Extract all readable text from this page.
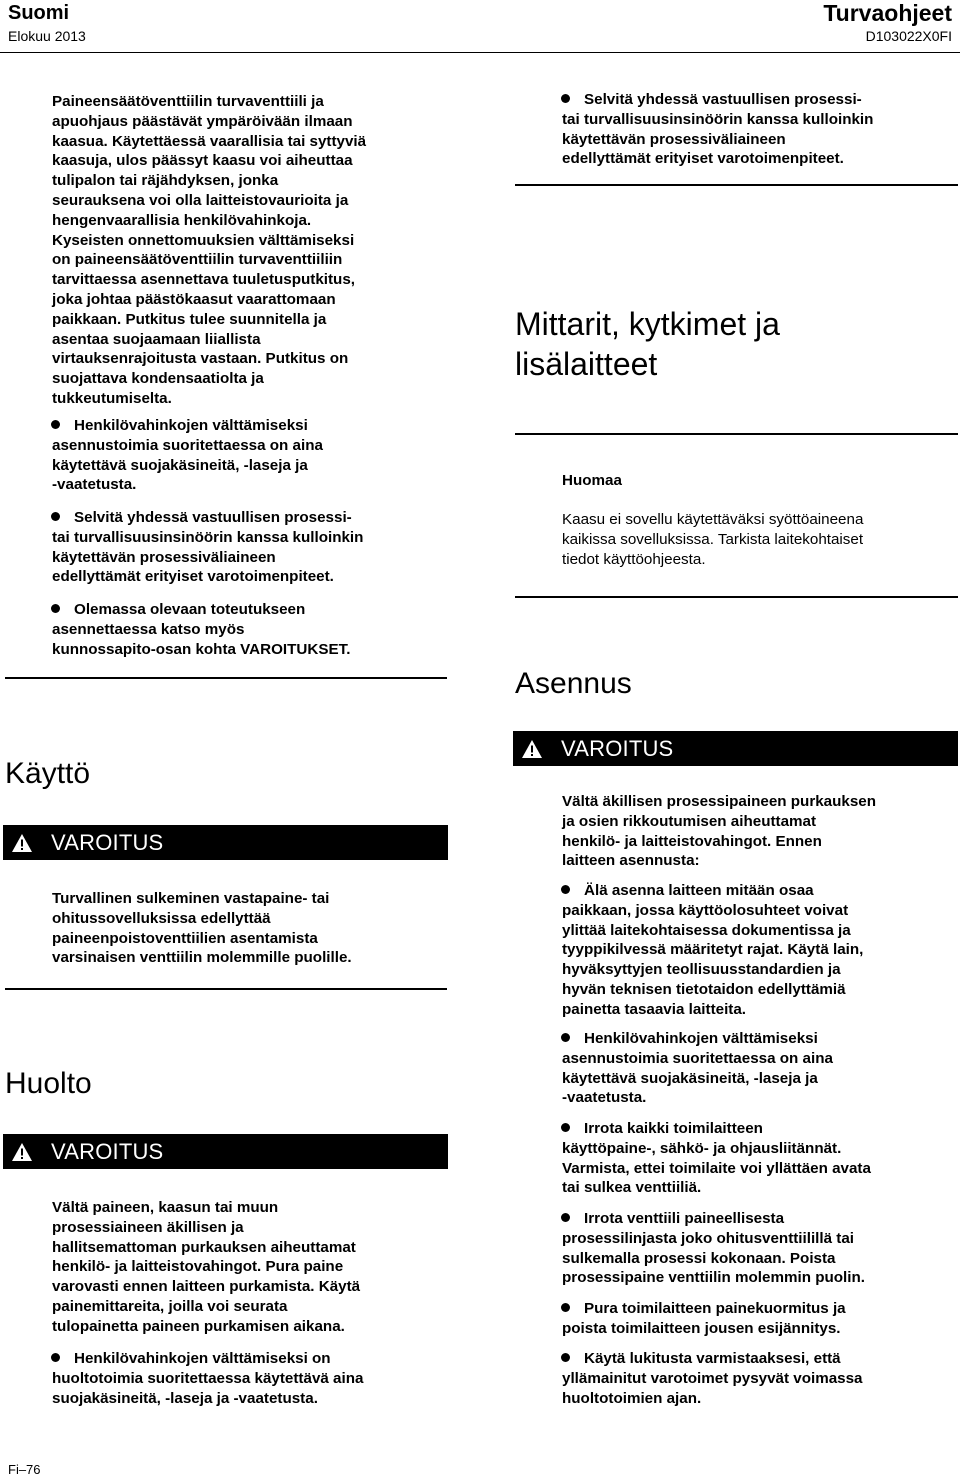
Suomi
Elokuu 2013
Turvaohjeet
D103022X0FI
Paineensäätöventtiilin turvaventtiili ja
apuohjaus päästävät ympäröivään ilmaan
kaasua. Käytettäessä vaarallisia tai syttyviä
kaasuja, ulos päässyt kaasu voi aiheuttaa
tulipalon tai räjähdyksen, jonka
seurauksena voi olla laitteistovaurioita ja
hengenvaarallisia henkilövahinkoja.
Kyseisten onnettomuuksien välttämiseksi
on paineensäätöventtiilin turvaventtiiliin
tarvittaessa asennettava tuuletusputkitus,
joka johtaa päästökaasut vaarattomaan
paikkaan. Putkitus tulee suunnitella ja
asentaa suojaamaan liiallista
virtauksenrajoitusta vastaan. Putkitus on
suojattava kondensaatiolta ja
tukkeutumiselta.
Henkilövahinkojen välttämiseksi
asennustoimia suoritettaessa on aina
käytettävä suojakäsineitä, -laseja ja
-vaatetusta.
Selvitä yhdessä vastuullisen prosessi-
tai turvallisuusinsinöörin kanssa kulloinkin
käytettävän prosessiväliaineen
edellyttämät erityiset varotoimenpiteet.
Olemassa olevaan toteutukseen
asennettaessa katso myös
kunnossapito-osan kohta VAROITUKSET.
Käyttö
VAROITUS
Turvallinen sulkeminen vastapaine- tai
ohitussovelluksissa edellyttää
paineenpoistoventtiilien asentamista
varsinaisen venttiilin molemmille puolille.
Huolto
VAROITUS
Vältä paineen, kaasun tai muun
prosessiaineen äkillisen ja
hallitsemattoman purkauksen aiheuttamat
henkilö- ja laitteistovahingot. Pura paine
varovasti ennen laitteen purkamista. Käytä
painemittareita, joilla voi seurata
tulopainetta paineen purkamisen aikana.
Henkilövahinkojen välttämiseksi on
huoltotoimia suoritettaessa käytettävä aina
suojakäsineitä, -laseja ja -vaatetusta.
Selvitä yhdessä vastuullisen prosessi-
tai turvallisuusinsinöörin kanssa kulloinkin
käytettävän prosessiväliaineen
edellyttämät erityiset varotoimenpiteet.
Mittarit, kytkimet ja
lisälaitteet
Huomaa
Kaasu ei sovellu käytettäväksi syöttöaineena
kaikissa sovelluksissa. Tarkista laitekohtaiset
tiedot käyttöohjeesta.
Asennus
VAROITUS
Vältä äkillisen prosessipaineen purkauksen
ja osien rikkoutumisen aiheuttamat
henkilö- ja laitteistovahingot. Ennen
laitteen asennusta:
Älä asenna laitteen mitään osaa
paikkaan, jossa käyttöolosuhteet voivat
ylittää laitekohtaisessa dokumentissa ja
tyyppikilvessä määritetyt rajat. Käytä lain,
hyväksyttyjen teollisuusstandardien ja
hyvän teknisen tietotaidon edellyttämiä
painetta tasaavia laitteita.
Henkilövahinkojen välttämiseksi
asennustoimia suoritettaessa on aina
käytettävä suojakäsineitä, -laseja ja
-vaatetusta.
Irrota kaikki toimilaitteen
käyttöpaine-, sähkö- ja ohjausliitännät.
Varmista, ettei toimilaite voi yllättäen avata
tai sulkea venttiiliä.
Irrota venttiili paineellisesta
prosessilinjasta joko ohitusventtiilillä tai
sulkemalla prosessi kokonaan. Poista
prosessipaine venttiilin molemmin puolin.
Pura toimilaitteen painekuormitus ja
poista toimilaitteen jousen esijännitys.
Käytä lukitusta varmistaaksesi, että
yllämainitut varotoimet pysyvät voimassa
huoltotoimien ajan.
Fi–76
